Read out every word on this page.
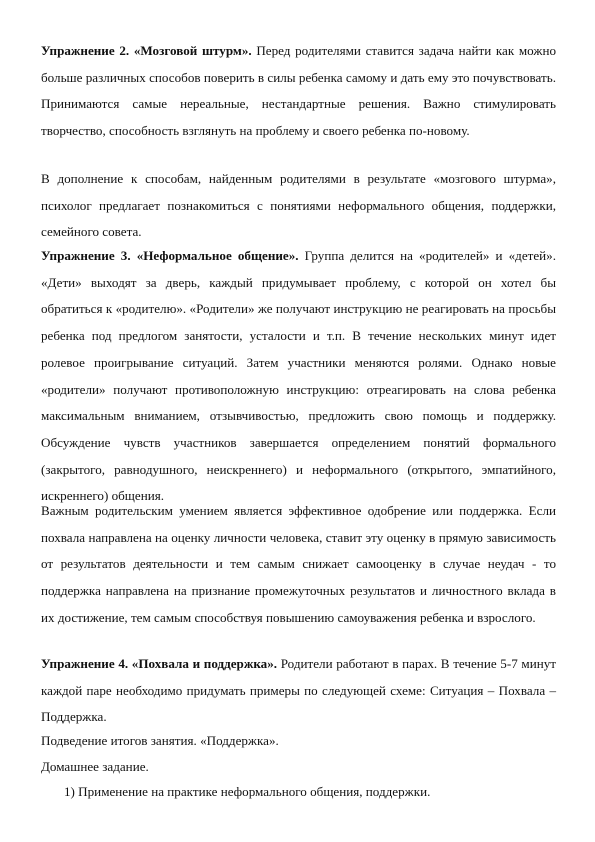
Упражнение 2. «Мозговой штурм». Перед родителями ставится задача найти как можно больше различных способов поверить в силы ребенка самому и дать ему это почувствовать. Принимаются самые нереальные, нестандартные решения. Важно стимулировать творчество, способность взглянуть на проблему и своего ребенка по-новому.
В дополнение к способам, найденным родителями в результате «мозгового штурма», психолог предлагает познакомиться с понятиями неформального общения, поддержки, семейного совета.
Упражнение 3. «Неформальное общение». Группа делится на «родителей» и «детей». «Дети» выходят за дверь, каждый придумывает проблему, с которой он хотел бы обратиться к «родителю». «Родители» же получают инструкцию не реагировать на просьбы ребенка под предлогом занятости, усталости и т.п. В течение нескольких минут идет ролевое проигрывание ситуаций. Затем участники меняются ролями. Однако новые «родители» получают противоположную инструкцию: отреагировать на слова ребенка максимальным вниманием, отзывчивостью, предложить свою помощь и поддержку. Обсуждение чувств участников завершается определением понятий формального (закрытого, равнодушного, неискреннего) и неформального (открытого, эмпатийного, искреннего) общения.
Важным родительским умением является эффективное одобрение или поддержка. Если похвала направлена на оценку личности человека, ставит эту оценку в прямую зависимость от результатов деятельности и тем самым снижает самооценку в случае неудач - то поддержка направлена на признание промежуточных результатов и личностного вклада в их достижение, тем самым способствуя повышению самоуважения ребенка и взрослого.
Упражнение 4. «Похвала и поддержка». Родители работают в парах. В течение 5-7 минут каждой паре необходимо придумать примеры по следующей схеме: Ситуация – Похвала – Поддержка.
Подведение итогов занятия. «Поддержка».
Домашнее задание.
1) Применение на практике неформального общения, поддержки.
